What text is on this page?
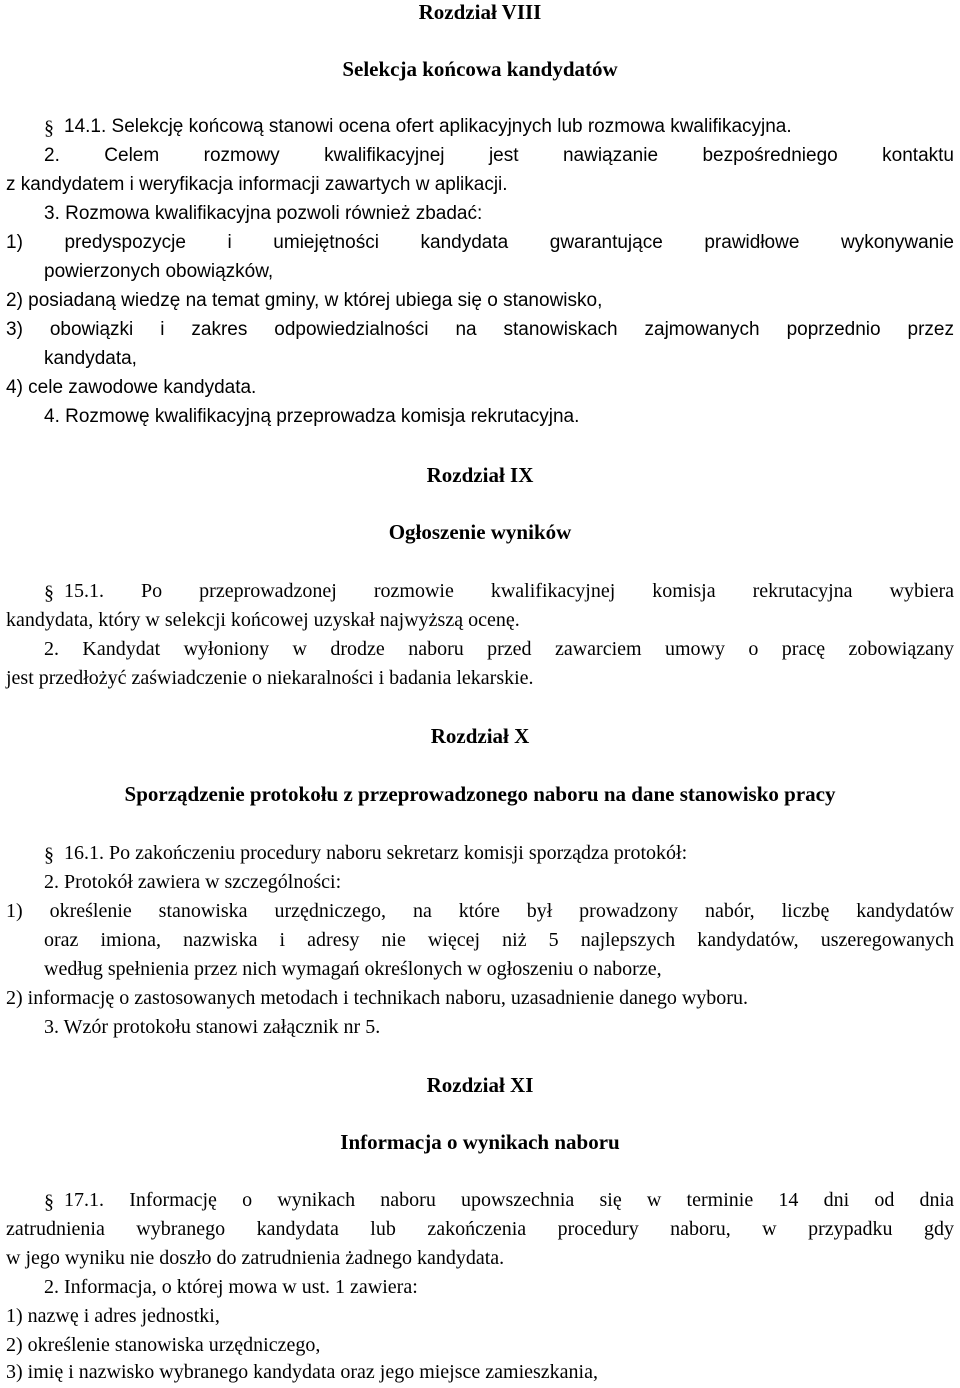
Rozdział VIII
Selekcja końcowa kandydatów
§ 14.1. Selekcję końcową stanowi ocena ofert aplikacyjnych lub rozmowa kwalifikacyjna.
2. Celem rozmowy kwalifikacyjnej jest nawiązanie bezpośredniego kontaktu
z kandydatem i weryfikacja informacji zawartych w aplikacji.
3. Rozmowa kwalifikacyjna pozwoli również zbadać:
1) predyspozycje i umiejętności kandydata gwarantujące prawidłowe wykonywanie
powierzonych obowiązków,
2) posiadaną wiedzę na temat gminy, w której ubiega się o stanowisko,
3) obowiązki i zakres odpowiedzialności na stanowiskach zajmowanych poprzednio przez
kandydata,
4) cele zawodowe kandydata.
4. Rozmowę kwalifikacyjną przeprowadza komisja rekrutacyjna.
Rozdział IX
Ogłoszenie wyników
§ 15.1. Po przeprowadzonej rozmowie kwalifikacyjnej komisja rekrutacyjna wybiera
kandydata, który w selekcji końcowej uzyskał najwyższą ocenę.
2. Kandydat wyłoniony w drodze naboru przed zawarciem umowy o pracę zobowiązany
jest przedłożyć zaświadczenie o niekaralności i badania lekarskie.
Rozdział X
Sporządzenie protokołu z przeprowadzonego naboru na dane stanowisko pracy
§ 16.1. Po zakończeniu procedury naboru sekretarz komisji sporządza protokół:
2. Protokół zawiera w szczególności:
1) określenie stanowiska urzędniczego, na które był prowadzony nabór, liczbę kandydatów
oraz imiona, nazwiska i adresy nie więcej niż 5 najlepszych kandydatów, uszeregowanych
według spełnienia przez nich wymagań określonych w ogłoszeniu o naborze,
2) informację o zastosowanych metodach i technikach naboru, uzasadnienie danego wyboru.
3. Wzór protokołu stanowi załącznik nr 5.
Rozdział XI
Informacja o wynikach naboru
§ 17.1. Informację o wynikach naboru upowszechnia się w terminie 14 dni od dnia
zatrudnienia wybranego kandydata lub zakończenia procedury naboru, w przypadku gdy
w jego wyniku nie doszło do zatrudnienia żadnego kandydata.
2. Informacja, o której mowa w ust. 1 zawiera:
1) nazwę i adres jednostki,
2) określenie stanowiska urzędniczego,
3) imię i nazwisko wybranego kandydata oraz jego miejsce zamieszkania,
